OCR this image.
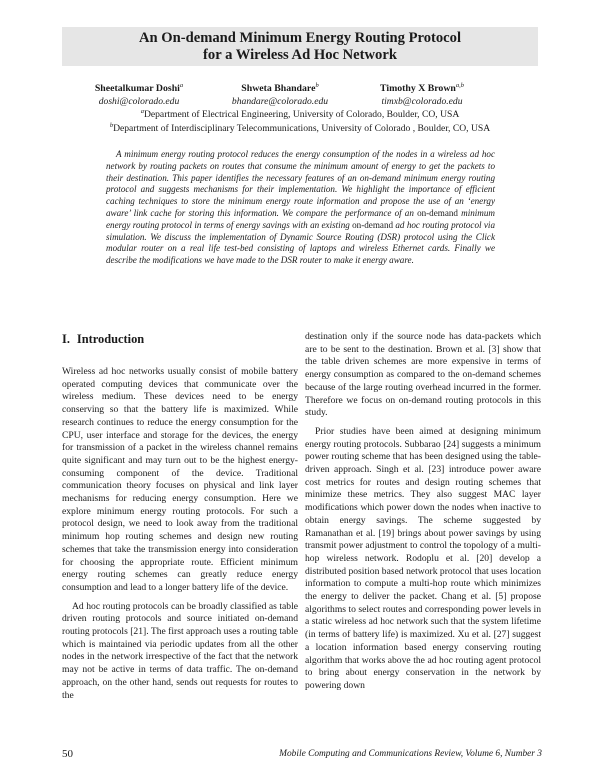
An On-demand Minimum Energy Routing Protocol
for a Wireless Ad Hoc Network
Sheetalkumar Doshi$^a$	Shweta Bhandare$^b$	Timothy X Brown$^{a,b}$
doshi@colorado.edu	bhandare@colorado.edu	timxb@colorado.edu
$^a$Department of Electrical Engineering, University of Colorado, Boulder, CO, USA
$^b$Department of Interdisciplinary Telecommunications, University of Colorado , Boulder, CO, USA

A minimum energy routing protocol reduces the energy consumption of the nodes in a wireless ad hoc network by routing packets on routes that consume the minimum amount of energy to get the packets to their destination. This paper identifies the necessary features of an on-demand minimum energy routing protocol and suggests mechanisms for their implementation. We highlight the importance of efficient caching techniques to store the minimum energy route information and propose the use of an ‘energy aware’ link cache for storing this information. We compare the performance of an on-demand minimum energy routing protocol in terms of energy savings with an existing on-demand ad hoc routing protocol via simulation. We discuss the implementation of Dynamic Source Routing (DSR) protocol using the Click modular router on a real life test-bed consisting of laptops and wireless Ethernet cards. Finally we describe the modifications we have made to the DSR router to make it energy aware.

I. Introduction

Wireless ad hoc networks usually consist of mobile battery operated computing devices that communicate over the wireless medium. These devices need to be energy conserving so that the battery life is maximized. While research continues to reduce the energy consumption for the CPU, user interface and storage for the devices, the energy for transmission of a packet in the wireless channel remains quite significant and may turn out to be the highest energy-consuming component of the device. Traditional communication theory focuses on physical and link layer mechanisms for reducing energy consumption. Here we explore minimum energy routing protocols. For such a protocol design, we need to look away from the traditional minimum hop routing schemes and design new routing schemes that take the transmission energy into consideration for choosing the appropriate route. Efficient minimum energy routing schemes can greatly reduce energy consumption and lead to a longer battery life of the device.

Ad hoc routing protocols can be broadly classified as table driven routing protocols and source initiated on-demand routing protocols [21]. The first approach uses a routing table which is maintained via periodic updates from all the other nodes in the network irrespective of the fact that the network may not be active in terms of data traffic. The on-demand approach, on the other hand, sends out requests for routes to the

destination only if the source node has data-packets which are to be sent to the destination. Brown et al. [3] show that the table driven schemes are more expensive in terms of energy consumption as compared to the on-demand schemes because of the large routing overhead incurred in the former. Therefore we focus on on-demand routing protocols in this study.

Prior studies have been aimed at designing minimum energy routing protocols. Subbarao [24] suggests a minimum power routing scheme that has been designed using the table-driven approach. Singh et al. [23] introduce power aware cost metrics for routes and design routing schemes that minimize these metrics. They also suggest MAC layer modifications which power down the nodes when inactive to obtain energy savings. The scheme suggested by Ramanathan et al. [19] brings about power savings by using transmit power adjustment to control the topology of a multi-hop wireless network. Rodoplu et al. [20] develop a distributed position based network protocol that uses location information to compute a multi-hop route which minimizes the energy to deliver the packet. Chang et al. [5] propose algorithms to select routes and corresponding power levels in a static wireless ad hoc network such that the system lifetime (in terms of battery life) is maximized. Xu et al. [27] suggest a location information based energy conserving routing algorithm that works above the ad hoc routing agent protocol to bring about energy conservation in the network by powering down

50	Mobile Computing and Communications Review, Volume 6, Number 3
